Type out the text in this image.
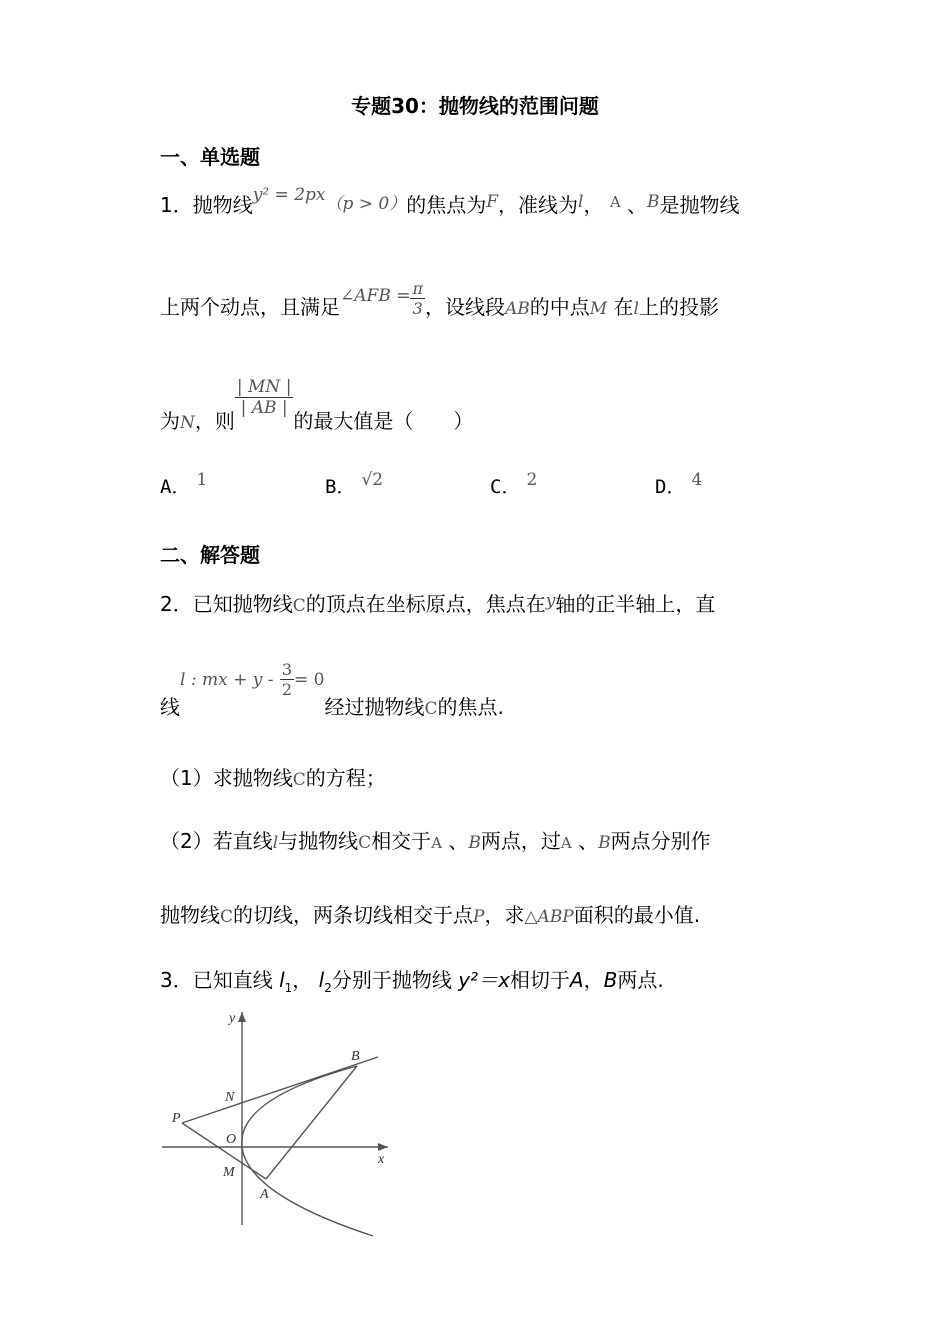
专题30：抛物线的范围问题
一、单选题
1．抛物线$^{y^2 = 2px}$（p > 0）的焦点为$^F$，准线为$^l$， $^A$ 、$^B$是抛物线
上两个动点，且满足$^{\angle AFB =} \frac{\pi}{3}$ ，设线段AB的中点M 在l上的投影
为$_N$，则
$\frac{| MN |}{| AB |}$
的最大值是（　　）
A． 1	B． √2	C． 2	D． 4
二、解答题
2．已知抛物线C的顶点在坐标原点，焦点在$^y$轴的正半轴上，直
线l : mx + $y - \frac{3}{2} = 0$经过抛物线$_C$的焦点.
（1）求抛物线C的方程；
（2）若直线l与抛物线C相交于A 、B两点，过A 、B两点分别作
抛物线C的切线，两条切线相交于点P，求△ABP面积的最小值.
3．已知直线 $l_1$， $l_2$分别于抛物线 y²＝x相切于A，B两点.
y
x
B
N
P
O
M
A
